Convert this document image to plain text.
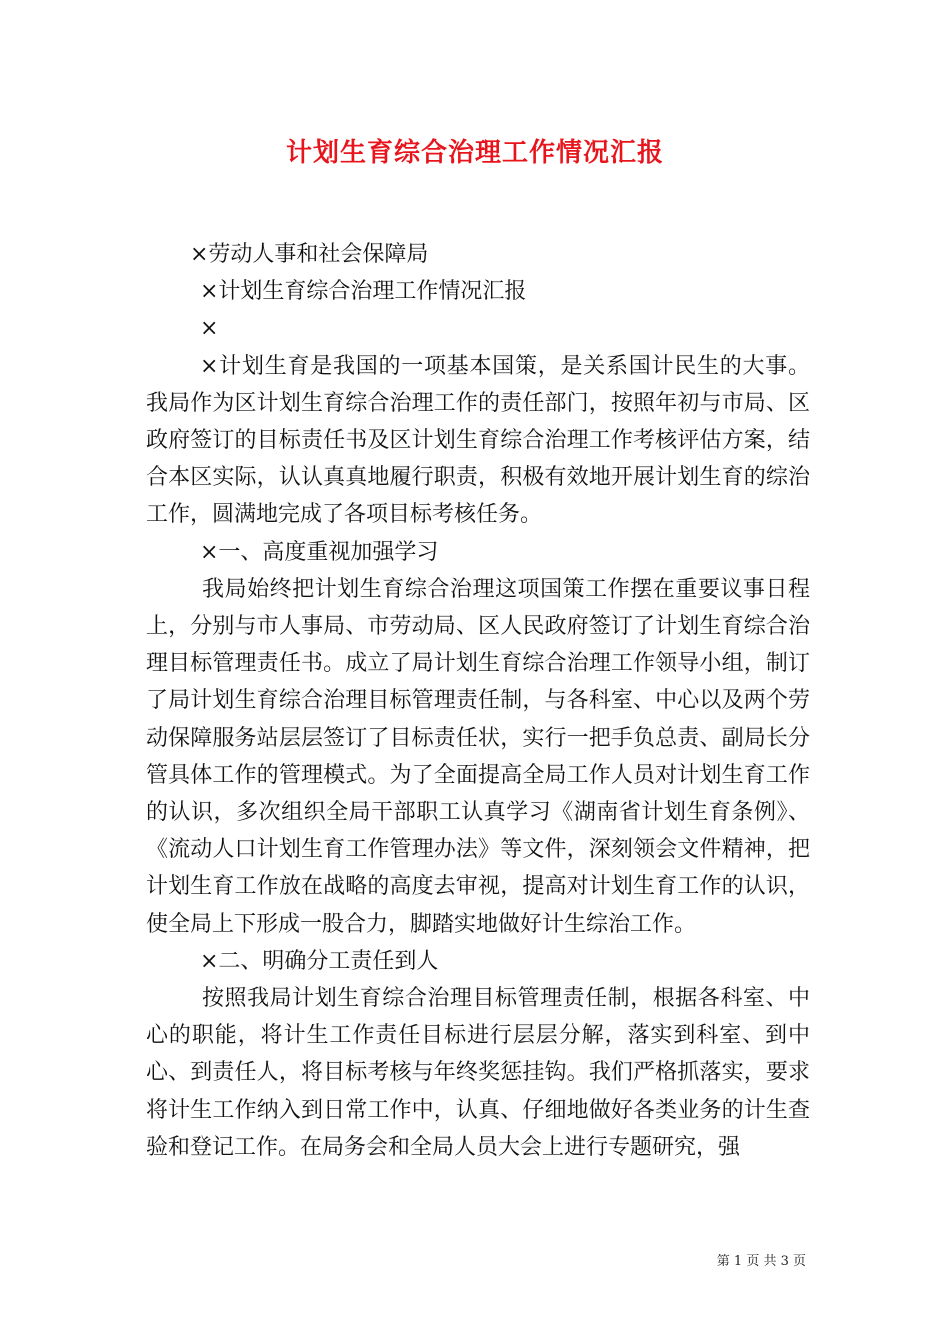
计划生育综合治理工作情况汇报

×劳动人事和社会保障局

×计划生育综合治理工作情况汇报

×

×计划生育是我国的一项基本国策，是关系国计民生的大事。我局作为区计划生育综合治理工作的责任部门，按照年初与市局、区政府签订的目标责任书及区计划生育综合治理工作考核评估方案，结合本区实际，认认真真地履行职责，积极有效地开展计划生育的综治工作，圆满地完成了各项目标考核任务。

×一、高度重视加强学习

我局始终把计划生育综合治理这项国策工作摆在重要议事日程上，分别与市人事局、市劳动局、区人民政府签订了计划生育综合治理目标管理责任书。成立了局计划生育综合治理工作领导小组，制订了局计划生育综合治理目标管理责任制，与各科室、中心以及两个劳动保障服务站层层签订了目标责任状，实行一把手负总责、副局长分管具体工作的管理模式。为了全面提高全局工作人员对计划生育工作的认识，多次组织全局干部职工认真学习《湖南省计划生育条例》、《流动人口计划生育工作管理办法》等文件，深刻领会文件精神，把计划生育工作放在战略的高度去审视，提高对计划生育工作的认识，使全局上下形成一股合力，脚踏实地做好计生综治工作。

×二、明确分工责任到人

按照我局计划生育综合治理目标管理责任制，根据各科室、中心的职能，将计生工作责任目标进行层层分解，落实到科室、到中心、到责任人，将目标考核与年终奖惩挂钩。我们严格抓落实，要求将计生工作纳入到日常工作中，认真、仔细地做好各类业务的计生查验和登记工作。在局务会和全局人员大会上进行专题研究，强

第 1 页 共 3 页
